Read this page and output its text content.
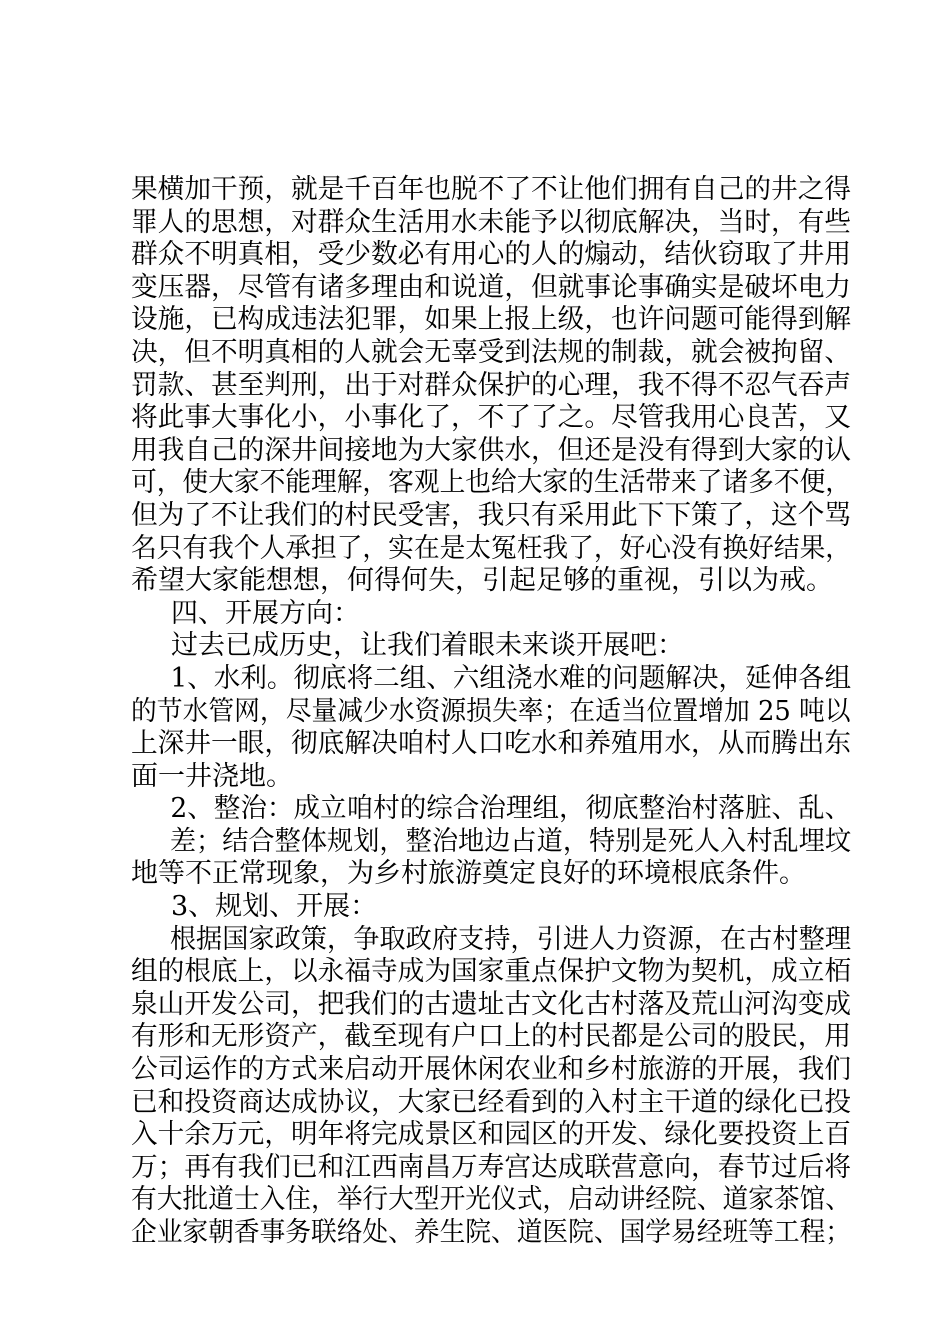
果横加干预，就是千百年也脱不了不让他们拥有自己的井之得
罪人的思想，对群众生活用水未能予以彻底解决，当时，有些
群众不明真相，受少数必有用心的人的煽动，结伙窃取了井用
变压器，尽管有诸多理由和说道，但就事论事确实是破坏电力
设施，已构成违法犯罪，如果上报上级，也许问题可能得到解
决，但不明真相的人就会无辜受到法规的制裁，就会被拘留、
罚款、甚至判刑，出于对群众保护的心理，我不得不忍气吞声
将此事大事化小，小事化了，不了了之。尽管我用心良苦，又
用我自己的深井间接地为大家供水，但还是没有得到大家的认
可，使大家不能理解，客观上也给大家的生活带来了诸多不便，
但为了不让我们的村民受害，我只有采用此下下策了，这个骂
名只有我个人承担了，实在是太冤枉我了，好心没有换好结果，
希望大家能想想，何得何失，引起足够的重视，引以为戒。
四、开展方向：
过去已成历史，让我们着眼未来谈开展吧：
1、水利。彻底将二组、六组浇水难的问题解决，延伸各组
的节水管网，尽量减少水资源损失率；在适当位置增加 25 吨以
上深井一眼，彻底解决咱村人口吃水和养殖用水，从而腾出东
面一井浇地。
2、整治：成立咱村的综合治理组，彻底整治村落脏、乱、
差；结合整体规划，整治地边占道，特别是死人入村乱埋坟
地等不正常现象，为乡村旅游奠定良好的环境根底条件。
3、规划、开展：
根据国家政策，争取政府支持，引进人力资源，在古村整理
组的根底上，以永福寺成为国家重点保护文物为契机，成立栢
泉山开发公司，把我们的古遗址古文化古村落及荒山河沟变成
有形和无形资产，截至现有户口上的村民都是公司的股民，用
公司运作的方式来启动开展休闲农业和乡村旅游的开展，我们
已和投资商达成协议，大家已经看到的入村主干道的绿化已投
入十余万元，明年将完成景区和园区的开发、绿化要投资上百
万；再有我们已和江西南昌万寿宫达成联营意向，春节过后将
有大批道士入住，举行大型开光仪式，启动讲经院、道家茶馆、
企业家朝香事务联络处、养生院、道医院、国学易经班等工程；
